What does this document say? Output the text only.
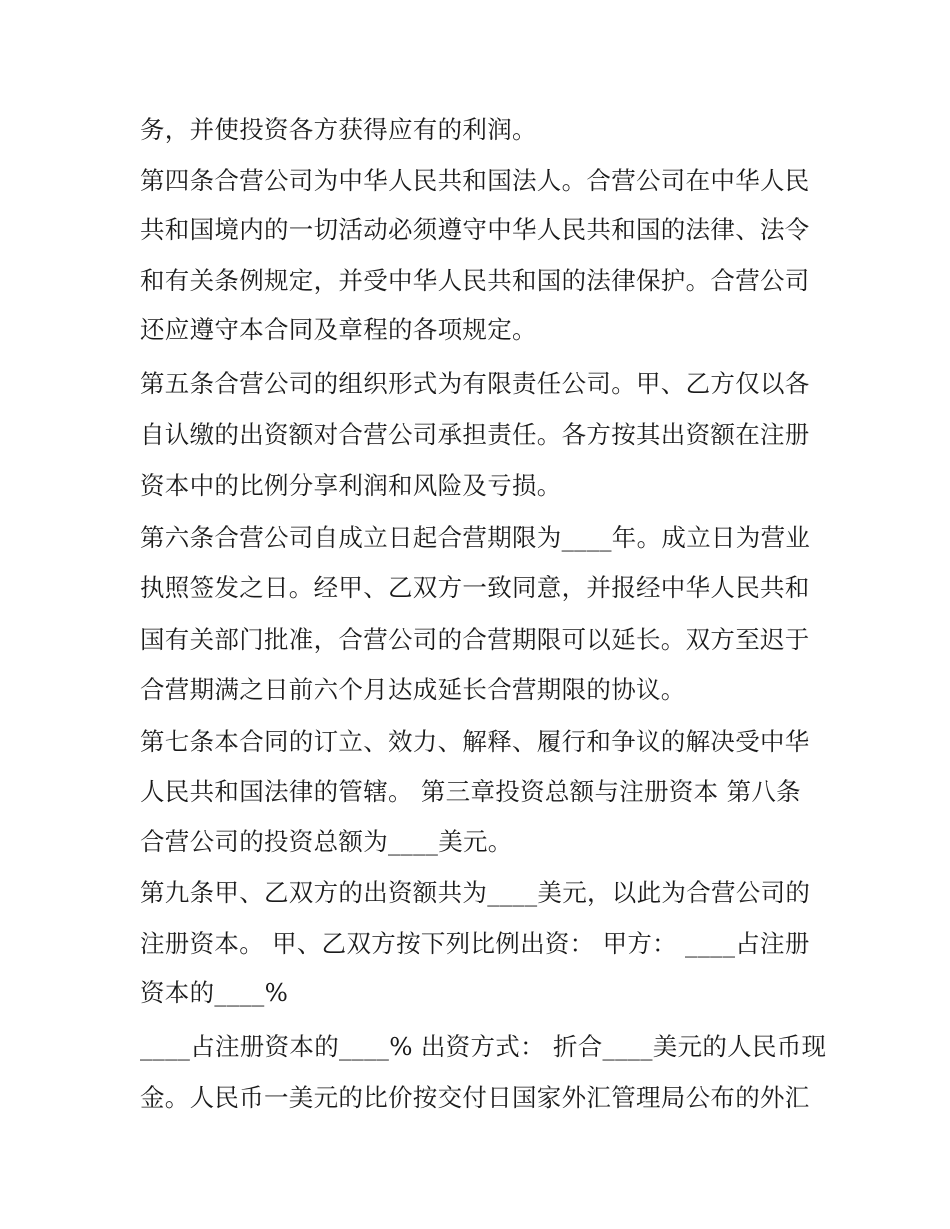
务，并使投资各方获得应有的利润。
第四条合营公司为中华人民共和国法人。合营公司在中华人民
共和国境内的一切活动必须遵守中华人民共和国的法律、法令
和有关条例规定，并受中华人民共和国的法律保护。合营公司
还应遵守本合同及章程的各项规定。
第五条合营公司的组织形式为有限责任公司。甲、乙方仅以各
自认缴的出资额对合营公司承担责任。各方按其出资额在注册
资本中的比例分享利润和风险及亏损。
第六条合营公司自成立日起合营期限为____年。成立日为营业
执照签发之日。经甲、乙双方一致同意，并报经中华人民共和
国有关部门批准，合营公司的合营期限可以延长。双方至迟于
合营期满之日前六个月达成延长合营期限的协议。
第七条本合同的订立、效力、解释、履行和争议的解决受中华
人民共和国法律的管辖。 第三章投资总额与注册资本 第八条
合营公司的投资总额为____美元。
第九条甲、乙双方的出资额共为____美元，以此为合营公司的
注册资本。 甲、乙双方按下列比例出资： 甲方： ____占注册
资本的____%
____占注册资本的____% 出资方式： 折合____美元的人民币现
金。人民币一美元的比价按交付日国家外汇管理局公布的外汇
